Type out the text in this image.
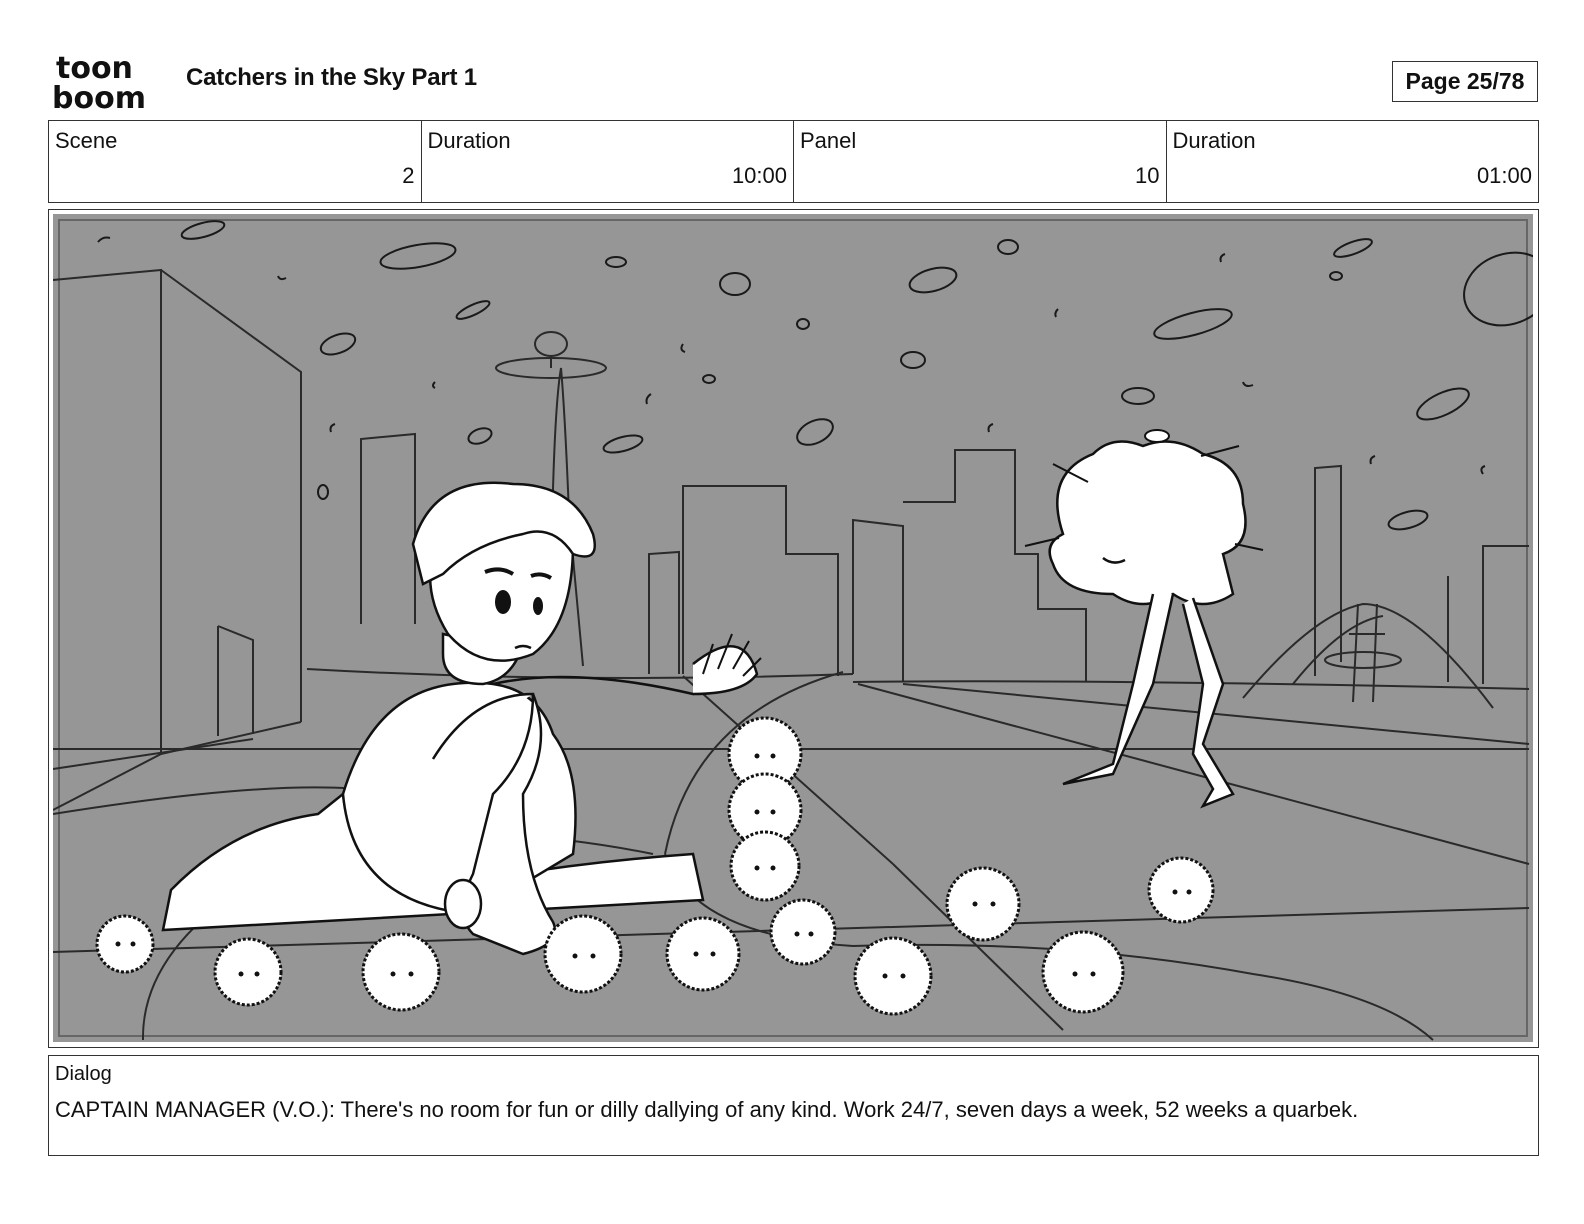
toon
boom
Catchers in the Sky Part 1	Page 25/78
Scene
2
Duration
10:00
Panel
10
Duration
01:00
Dialog
CAPTAIN MANAGER (V.O.): There's no room for fun or dilly dallying of any kind. Work 24/7, seven days a week, 52 weeks a quarbek.
